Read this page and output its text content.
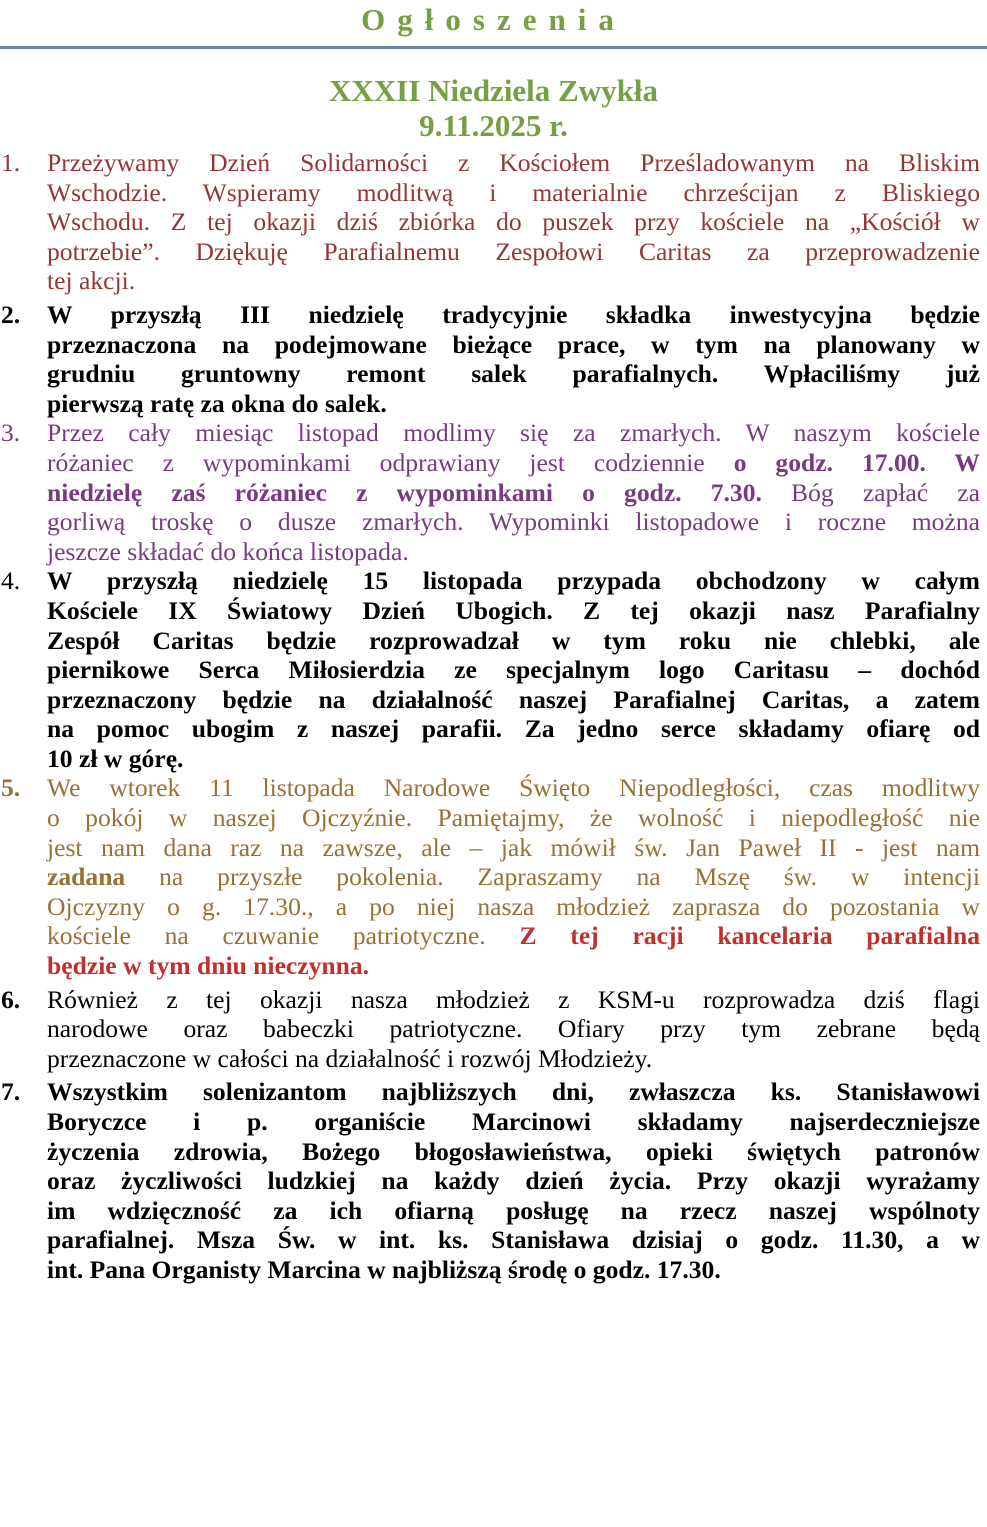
Ogłoszenia
XXXII Niedziela Zwykła
9.11.2025 r.
1. Przeżywamy Dzień Solidarności z Kościołem Prześladowanym na Bliskim
Wschodzie. Wspieramy modlitwą i materialnie chrześcijan z Bliskiego
Wschodu. Z tej okazji dziś zbiórka do puszek przy kościele na „Kościół w
potrzebie”. Dziękuję Parafialnemu Zespołowi Caritas za przeprowadzenie
tej akcji.

2. W przyszłą III niedzielę tradycyjnie składka inwestycyjna będzie
przeznaczona na podejmowane bieżące prace, w tym na planowany w
grudniu gruntowny remont salek parafialnych. Wpłaciliśmy już
pierwszą ratę za okna do salek.

3. Przez cały miesiąc listopad modlimy się za zmarłych. W naszym kościele
różaniec z wypominkami odprawiany jest codziennie o godz. 17.00. W
niedzielę zaś różaniec z wypominkami o godz. 7.30. Bóg zapłać za
gorliwą troskę o dusze zmarłych. Wypominki listopadowe i roczne można
jeszcze składać do końca listopada.

4. W przyszłą niedzielę 15 listopada przypada obchodzony w całym
Kościele IX Światowy Dzień Ubogich. Z tej okazji nasz Parafialny
Zespół Caritas będzie rozprowadzał w tym roku nie chlebki, ale
piernikowe Serca Miłosierdzia ze specjalnym logo Caritasu – dochód
przeznaczony będzie na działalność naszej Parafialnej Caritas, a zatem
na pomoc ubogim z naszej parafii. Za jedno serce składamy ofiarę od
10 zł w górę.

5. We wtorek 11 listopada Narodowe Święto Niepodległości, czas modlitwy
o pokój w naszej Ojczyźnie. Pamiętajmy, że wolność i niepodległość nie
jest nam dana raz na zawsze, ale – jak mówił św. Jan Paweł II - jest nam
zadana na przyszłe pokolenia. Zapraszamy na Mszę św. w intencji
Ojczyzny o g. 17.30., a po niej nasza młodzież zaprasza do pozostania w
kościele na czuwanie patriotyczne. Z tej racji kancelaria parafialna
będzie w tym dniu nieczynna.

6. Również z tej okazji nasza młodzież z KSM-u rozprowadza dziś flagi
narodowe oraz babeczki patriotyczne. Ofiary przy tym zebrane będą
przeznaczone w całości na działalność i rozwój Młodzieży.

7. Wszystkim solenizantom najbliższych dni, zwłaszcza ks. Stanisławowi
Boryczce i p. organiście Marcinowi składamy najserdeczniejsze
życzenia zdrowia, Bożego błogosławieństwa, opieki świętych patronów
oraz życzliwości ludzkiej na każdy dzień życia. Przy okazji wyrażamy
im wdzięczność za ich ofiarną posługę na rzecz naszej wspólnoty
parafialnej. Msza Św. w int. ks. Stanisława dzisiaj o godz. 11.30, a w
int. Pana Organisty Marcina w najbliższą środę o godz. 17.30.
